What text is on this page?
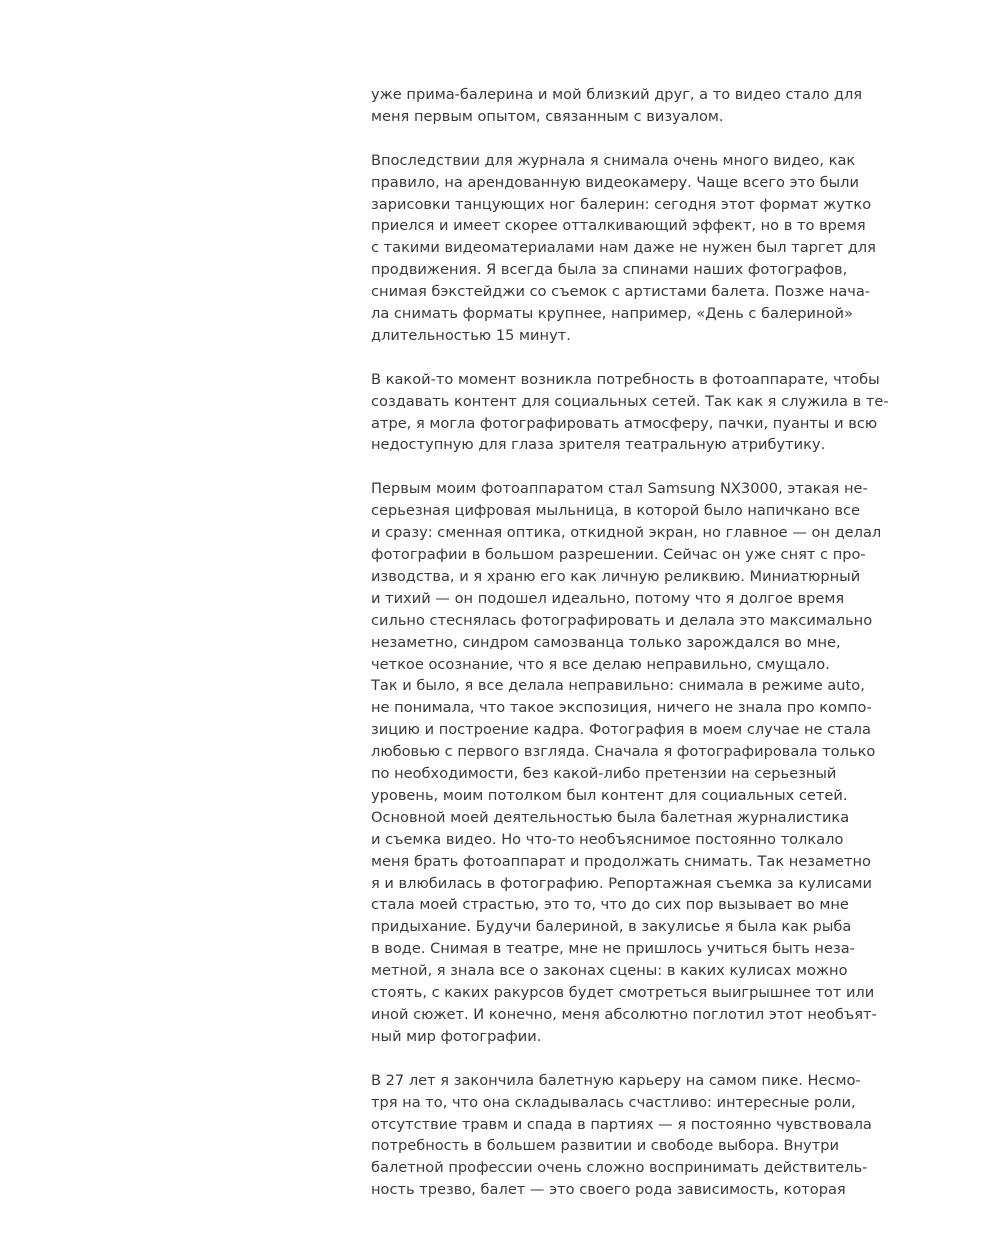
уже прима-балерина и мой близкий друг, а то видео стало для
меня первым опытом, связанным с визуалом.

Впоследствии для журнала я снимала очень много видео, как
правило, на арендованную видеокамеру. Чаще всего это были
зарисовки танцующих ног балерин: сегодня этот формат жутко
приелся и имеет скорее отталкивающий эффект, но в то время
с такими видеоматериалами нам даже не нужен был таргет для
продвижения. Я всегда была за спинами наших фотографов,
снимая бэкстейджи со съемок с артистами балета. Позже нача-
ла снимать форматы крупнее, например, «День с балериной»
длительностью 15 минут.

В какой-то момент возникла потребность в фотоаппарате, чтобы
создавать контент для социальных сетей. Так как я служила в те-
атре, я могла фотографировать атмосферу, пачки, пуанты и всю
недоступную для глаза зрителя театральную атрибутику.

Первым моим фотоаппаратом стал Samsung NX3000, этакая не-
серьезная цифровая мыльница, в которой было напичкано все
и сразу: сменная оптика, откидной экран, но главное — он делал
фотографии в большом разрешении. Сейчас он уже снят с про-
изводства, и я храню его как личную реликвию. Миниатюрный
и тихий — он подошел идеально, потому что я долгое время
сильно стеснялась фотографировать и делала это максимально
незаметно, синдром самозванца только зарождался во мне,
четкое осознание, что я все делаю неправильно, смущало.
Так и было, я все делала неправильно: снимала в режиме auto,
не понимала, что такое экспозиция, ничего не знала про компо-
зицию и построение кадра. Фотография в моем случае не стала
любовью с первого взгляда. Сначала я фотографировала только
по необходимости, без какой-либо претензии на серьезный
уровень, моим потолком был контент для социальных сетей.
Основной моей деятельностью была балетная журналистика
и съемка видео. Но что-то необъяснимое постоянно толкало
меня брать фотоаппарат и продолжать снимать. Так незаметно
я и влюбилась в фотографию. Репортажная съемка за кулисами
стала моей страстью, это то, что до сих пор вызывает во мне
придыхание. Будучи балериной, в закулисье я была как рыба
в воде. Снимая в театре, мне не пришлось учиться быть неза-
метной, я знала все о законах сцены: в каких кулисах можно
стоять, с каких ракурсов будет смотреться выигрышнее тот или
иной сюжет. И конечно, меня абсолютно поглотил этот необъят-
ный мир фотографии.

В 27 лет я закончила балетную карьеру на самом пике. Несмо-
тря на то, что она складывалась счастливо: интересные роли,
отсутствие травм и спада в партиях — я постоянно чувствовала
потребность в большем развитии и свободе выбора. Внутри
балетной профессии очень сложно воспринимать действитель-
ность трезво, балет — это своего рода зависимость, которая
